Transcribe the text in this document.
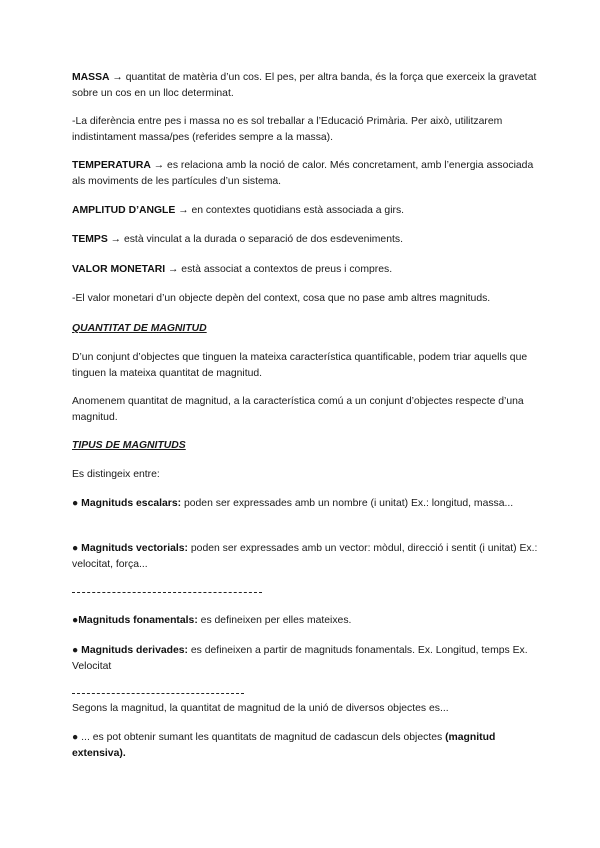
MASSA → quantitat de matèria d’un cos. El pes, per altra banda, és la força que exerceix la gravetat sobre un cos en un lloc determinat.

-La diferència entre pes i massa no es sol treballar a l’Educació Primària. Per això, utilitzarem indistintament massa/pes (referides sempre a la massa).

TEMPERATURA → es relaciona amb la noció de calor. Més concretament, amb l’energia associada als moviments de les partícules d’un sistema.

AMPLITUD D’ANGLE → en contextes quotidians està associada a girs.

TEMPS → està vinculat a la durada o separació de dos esdeveniments.

VALOR MONETARI → està associat a contextos de preus i compres.

-El valor monetari d’un objecte depèn del context, cosa que no pase amb altres magnituds.

QUANTITAT DE MAGNITUD

D’un conjunt d’objectes que tinguen la mateixa característica quantificable, podem triar aquells que tinguen la mateixa quantitat de magnitud.

Anomenem quantitat de magnitud, a la característica comú a un conjunt d’objectes respecte d’una magnitud.

TIPUS DE MAGNITUDS

Es distingeix entre:

● Magnituds escalars: poden ser expressades amb un nombre (i unitat) Ex.: longitud, massa...

● Magnituds vectorials: poden ser expressades amb un vector: mòdul, direcció i sentit (i unitat) Ex.: velocitat, força...

●Magnituds fonamentals: es defineixen per elles mateixes.

● Magnituds derivades: es defineixen a partir de magnituds fonamentals. Ex. Longitud, temps Ex. Velocitat

Segons la magnitud, la quantitat de magnitud de la unió de diversos objectes es...

● ... es pot obtenir sumant les quantitats de magnitud de cadascun dels objectes (magnitud extensiva).
